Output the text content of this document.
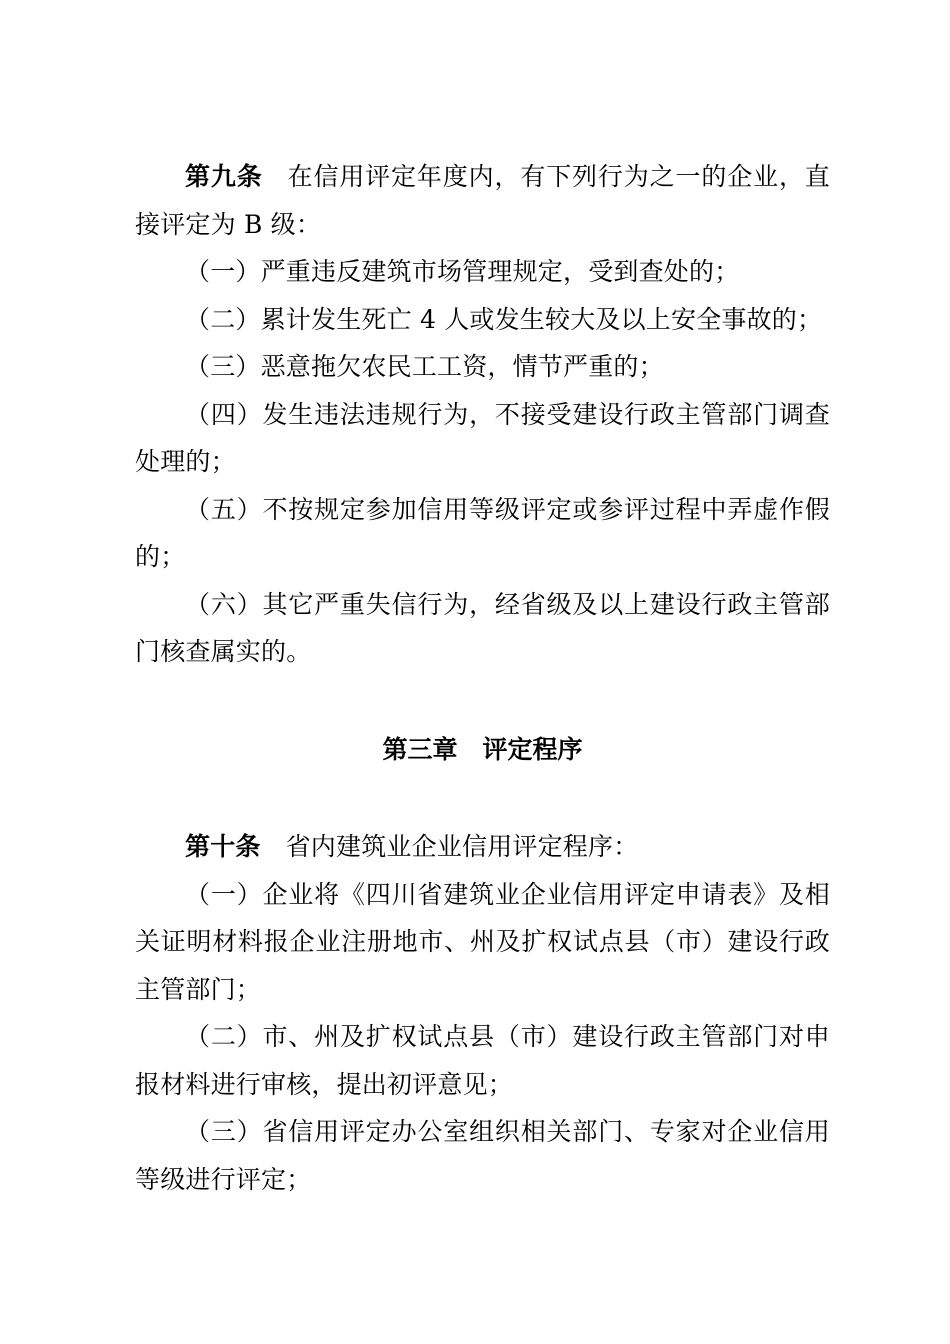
第九条 在信用评定年度内，有下列行为之一的企业，直接评定为 B 级：

（一）严重违反建筑市场管理规定，受到查处的；

（二）累计发生死亡 4 人或发生较大及以上安全事故的；

（三）恶意拖欠农民工工资，情节严重的；

（四）发生违法违规行为，不接受建设行政主管部门调查处理的；

（五）不按规定参加信用等级评定或参评过程中弄虚作假的；

（六）其它严重失信行为，经省级及以上建设行政主管部门核查属实的。

第三章 评定程序

第十条 省内建筑业企业信用评定程序：

（一）企业将《四川省建筑业企业信用评定申请表》及相关证明材料报企业注册地市、州及扩权试点县（市）建设行政主管部门；

（二）市、州及扩权试点县（市）建设行政主管部门对申报材料进行审核，提出初评意见；

（三）省信用评定办公室组织相关部门、专家对企业信用等级进行评定；
